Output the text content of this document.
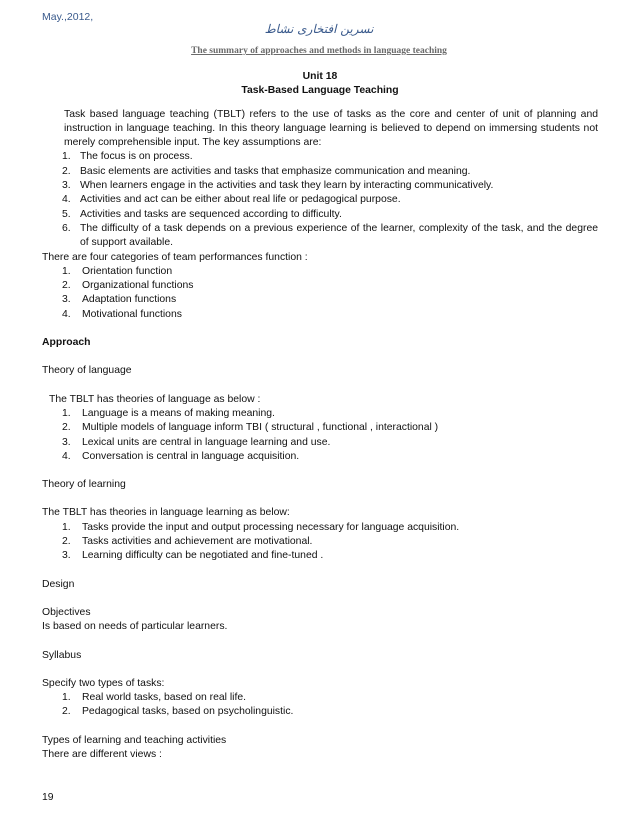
May.,2012,
نسرین افتخاری نشاط
The summary of approaches and methods in language teaching
Unit 18
Task-Based Language Teaching

Task based language teaching (TBLT) refers to the use of tasks as the core and center of unit of planning and instruction in language teaching. In this theory language learning is believed to depend on immersing students not merely comprehensible input. The key assumptions are:

1. The focus is on process.
2. Basic elements are activities and tasks that emphasize communication and meaning.
3. When learners engage in the activities and task they learn by interacting communicatively.
4. Activities and act can be either about real life or pedagogical purpose.
5. Activities and tasks are sequenced according to difficulty.
6. The difficulty of a task depends on a previous experience of the learner, complexity of the task, and the degree of support available.

There are four categories of team performances function :

1. Orientation function
2. Organizational functions
3. Adaptation functions
4. Motivational functions

Approach

Theory of language

The TBLT has theories of language as below :

1. Language is a means of making meaning.
2. Multiple models of language inform TBI ( structural , functional , interactional )
3. Lexical units are central in language learning and use.
4. Conversation is central in language acquisition.

Theory of learning

The TBLT has theories in language learning as below:

1. Tasks provide the input and output processing necessary for language acquisition.
2. Tasks activities and achievement are motivational.
3. Learning difficulty can be negotiated and fine-tuned .

Design

Objectives

Is based on needs of particular learners.

Syllabus

Specify two types of tasks:

1. Real world tasks, based on real life.
2. Pedagogical tasks, based on psycholinguistic.

Types of learning and teaching activities

There are different views :

19
